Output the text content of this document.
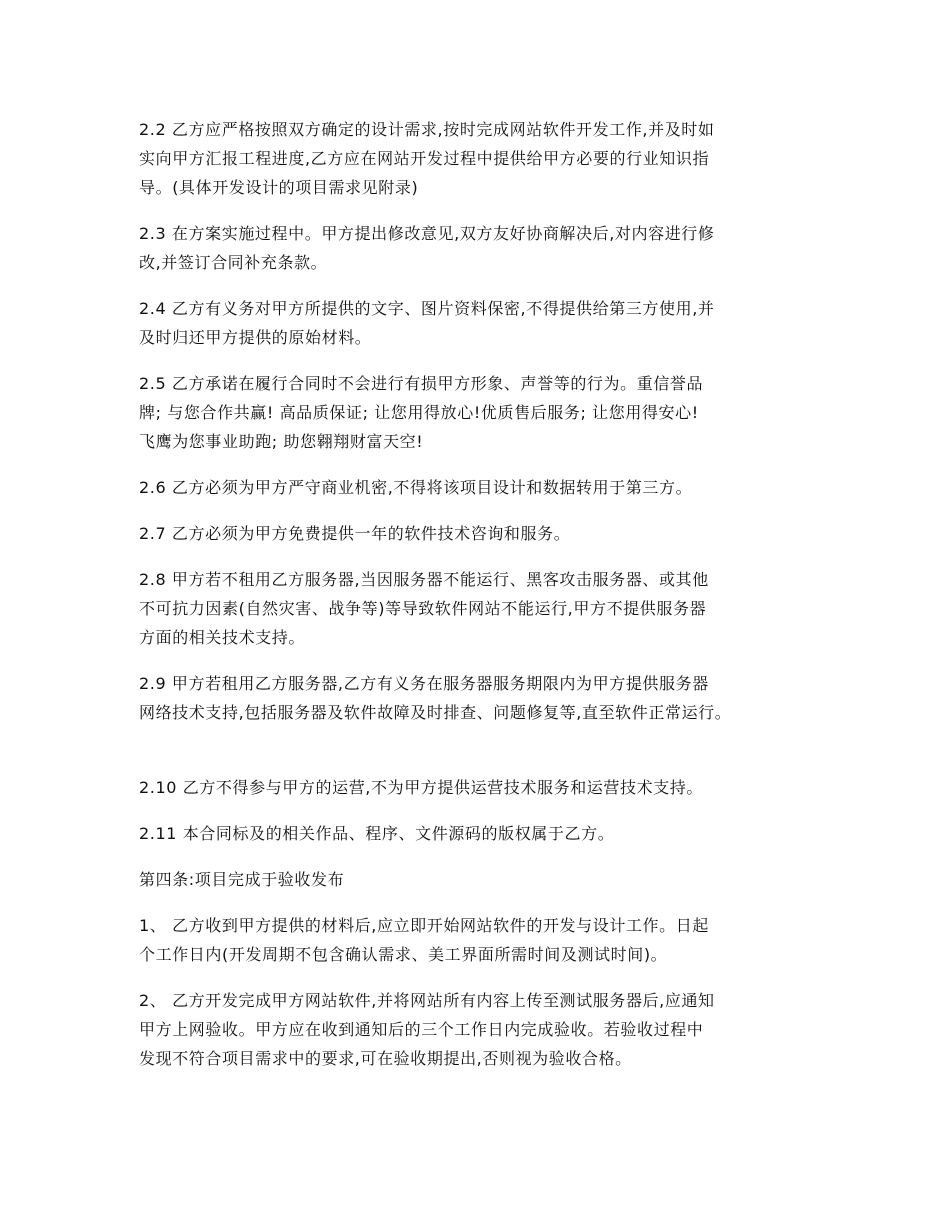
2.2 乙方应严格按照双方确定的设计需求,按时完成网站软件开发工作,并及时如
实向甲方汇报工程进度,乙方应在网站开发过程中提供给甲方必要的行业知识指
导。(具体开发设计的项目需求见附录)

2.3 在方案实施过程中。甲方提出修改意见,双方友好协商解决后,对内容进行修
改,并签订合同补充条款。

2.4 乙方有义务对甲方所提供的文字、图片资料保密,不得提供给第三方使用,并
及时归还甲方提供的原始材料。

2.5 乙方承诺在履行合同时不会进行有损甲方形象、声誉等的行为。重信誉品
牌; 与您合作共赢! 高品质保证; 让您用得放心!优质售后服务; 让您用得安心!
飞鹰为您事业助跑; 助您翱翔财富天空!

2.6 乙方必须为甲方严守商业机密,不得将该项目设计和数据转用于第三方。

2.7 乙方必须为甲方免费提供一年的软件技术咨询和服务。

2.8 甲方若不租用乙方服务器,当因服务器不能运行、黑客攻击服务器、或其他
不可抗力因素(自然灾害、战争等)等导致软件网站不能运行,甲方不提供服务器
方面的相关技术支持。

2.9 甲方若租用乙方服务器,乙方有义务在服务器服务期限内为甲方提供服务器
网络技术支持,包括服务器及软件故障及时排查、问题修复等,直至软件正常运行。

2.10 乙方不得参与甲方的运营,不为甲方提供运营技术服务和运营技术支持。

2.11 本合同标及的相关作品、程序、文件源码的版权属于乙方。

第四条:项目完成于验收发布

1、 乙方收到甲方提供的材料后,应立即开始网站软件的开发与设计工作。日起
个工作日内(开发周期不包含确认需求、美工界面所需时间及测试时间)。

2、 乙方开发完成甲方网站软件,并将网站所有内容上传至测试服务器后,应通知
甲方上网验收。甲方应在收到通知后的三个工作日内完成验收。若验收过程中
发现不符合项目需求中的要求,可在验收期提出,否则视为验收合格。
